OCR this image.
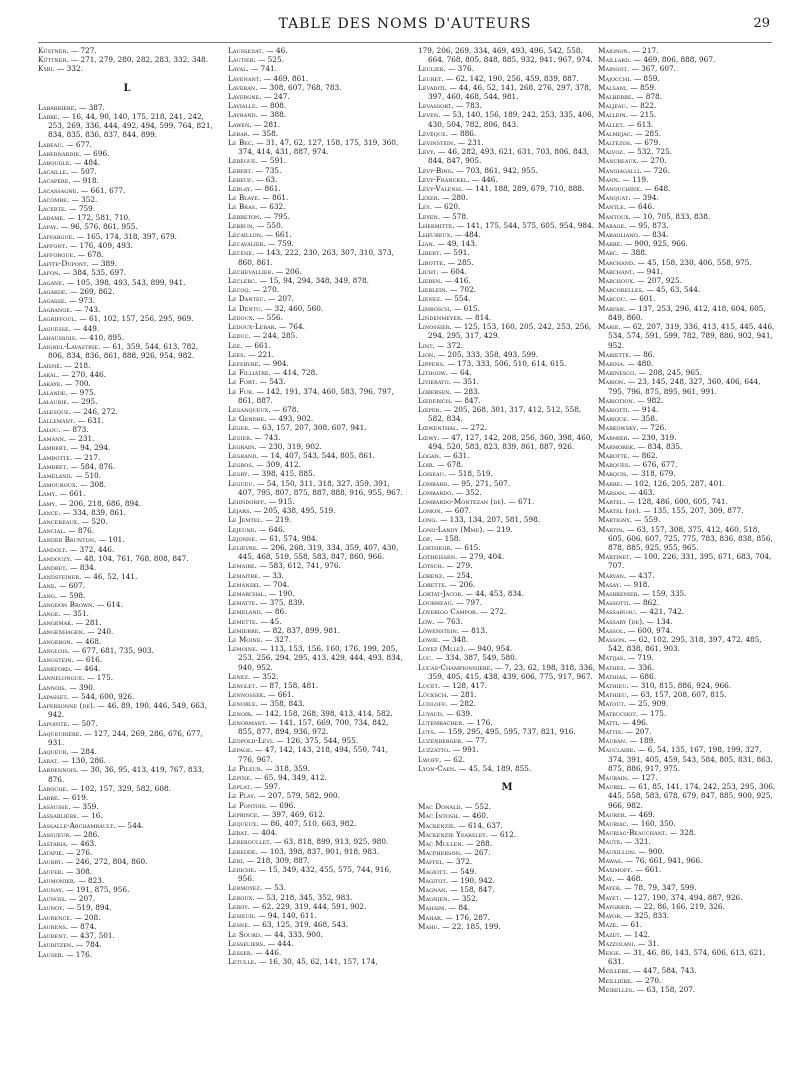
TABLE DES NOMS D'AUTEURS	29

Küstner. — 727.

Küttner. — 271, 279, 280, 282, 283, 332, 348.

Kybi. — 332.

L

Labarrière. — 387.

Labbé. — 16, 44, 90, 140, 175, 218, 241, 242, 253, 269, 336, 444, 492, 494, 599, 764, 821, 834, 835, 836, 837, 844, 899.

Labeau. — 677.

Labernardie. — 696.

Labougle. — 484.

Lacaille. — 507.

Lacapère. — 918.

Lacassagne. — 661, 677.

Lacombe. — 352.

Lacerte. — 759.

Ladame. — 172, 581, 710.

Lafay. — 96, 576, 861, 955.

Laffargue. — 165, 174, 318, 397, 679.

Laffont. — 176, 409, 493.

Lafforgue. — 678.

Lafite-Dupont. — 389.

Lafon. — 384, 535, 697.

Lagane. — 105, 398, 493, 543, 899, 941.

Lagarde. — 269, 862.

Lagasse. — 973.

Lagrange. — 743.

Lagriffoul. — 61, 102, 157, 256, 295, 969.

Laguesse. — 449.

Lahaussois. — 410, 895.

Laignel-Lavastine. — 61, 359, 544, 613, 782, 806, 834, 836, 861, 888, 926, 954, 982.

Laisné. — 218.

Lakal. — 270, 446.

Lakaye. — 700.

Lalande. — 975.

Lalaubie. — 295.

Lalesque. — 246, 272.

Lallemant. — 631.

Lalou. — 873.

Lamann. — 231.

Lambert. — 94, 294.

Lambotte. — 217.

Lambret. — 584, 876.

Lameland. — 510.

Lamouroux. — 308.

Lamy. — 661.

Lamy. — 206, 218, 686, 894.

Lance. — 334, 839, 861.

Lancereaux. — 520.

Lancial. — 876.

Lander Brunton. — 101.

Landolt. — 372, 446.

Landouzy. — 48, 104, 761, 768, 808, 847.

Landret. — 834.

Landsteiner. — 46, 52, 141.

Lane. — 607.

Lang. — 598.

Langdon Brown. — 614.

Lange. — 351.

Langemak. — 281.

Langenhagen. — 240.

Langeron. — 468.

Langlois. — 677, 681, 735, 903.

Langstein. — 616.

Lankford. — 464.

Lannelongue. — 175.

Lannois. — 390.

Lapasset. — 544, 600, 926.

Lapersonne (de). — 46, 89, 190, 446, 549, 663, 942.

Lapointe. — 507.

Laqueurière. — 127, 244, 269, 286, 676, 677, 931.

Laqueur. — 284.

Larat. — 130, 286.

Lardennois. — 30, 36, 95, 413, 419, 767, 833, 876.

Laroche. — 102, 157, 329, 582, 608.

Larré. — 619.

Lasausse. — 359.

Lassablière. — 16.

Lassalle-Archambault. — 544.

Lassueur. — 286.

Lastaria. — 463.

Latapie. — 276.

Laubry. — 246, 272, 804, 860.

Laufer. — 308.

Laumonier. — 823.

Launay. — 191, 875, 956.

Launois. — 207.

Launoy. — 519, 894.

Laurence. — 208.

Laurens. — 874.

Laurent. — 437, 501.

Lauritzen. — 784.

Lauser. — 176.

Laussedat. — 46.

Lautier. — 525.

Laval. — 741.

Lavenant. — 469, 861.

Laveran. — 308, 607, 768, 783.

Lavergne. — 247.

Lavialle. — 808.

Lavrand. — 388.

Lawen. — 281.

Lebar. — 358.

Le Bec. — 31, 47, 62, 127, 158, 175, 319, 360, 374, 414, 431, 887, 974.

Lebègue. — 591.

Lebert. — 735.

Lebeuf. — 63.

Leblay. — 861.

Le Blaye. — 861.

Le Bras. — 632.

Lebreton. — 795.

Lebrun. — 550.

Lécaillon. — 661.

Lecavalier. — 759.

Lecène. — 143, 222, 230, 263, 307, 310, 373, 860, 861.

Lechevallier. — 206.

Leclerc. — 15, 94, 294, 348, 349, 878.

Lecoq. — 270.

Le Dantec. — 207.

Le Dentu. — 32, 460, 560.

Ledoux. — 556.

Ledoux-Lebar. — 764.

Leduc. — 244, 285.

Lee. — 661.

Lees. — 221.

Lefebvre. — 904.

Le Filliatre. — 414, 728.

Le Fort. — 543.

Le Fur. — 142, 191, 374, 460, 583, 796, 797, 861, 887.

Leganqueux. — 678.

Le Gendre. — 493, 902.

Léger. — 63, 157, 207, 308, 607, 941.

Légier. — 743.

Legrain. — 230, 319, 902.

Legrand. — 14, 407, 543, 544, 805, 861.

Legros. — 309, 412.

Legry. — 398, 415, 885.

Legueu. — 54, 150, 311, 318, 327, 359, 391, 407, 795, 807, 875, 887, 888, 916, 955, 967.

Lehndorff. — 915.

Lejars. — 205, 438, 495, 519.

Le Jemtel. — 219.

Lejeune. — 646.

Lejonne. — 61, 574, 984.

Lelièvre. — 206, 268, 319, 334, 359, 407, 430, 445, 468, 519, 558, 583, 847, 860, 966.

Lemaire. — 583, 612, 741, 976.

Lemaitre. — 33.

Lemanski. — 704.

Lemarchal. — 190.

Lematte. — 375, 839.

Lemeland. — 86.

Lemette. — 45.

Lemierre. — 82, 837, 899, 981.

Le Moine. — 327.

Lemoine. — 113, 153, 156, 160, 176, 199, 205, 253, 256, 294, 295, 413, 429, 444, 493, 834, 940, 952.

Lenez. — 352.

Lenglet. — 87, 158, 481.

Lennossek. — 661.

Lenoble. — 358, 843.

Lenoir. — 142, 158, 268, 398, 413, 414, 582.

Lenormant. — 141, 157, 669, 700, 734, 842, 855, 877, 894, 936, 972.

Léopold-Lévi. — 126, 375, 544, 955.

Lepage. — 47, 142, 143, 218, 494, 550, 741, 776, 967.

Le Pileur. — 318, 359.

Lépine. — 65, 94, 349, 412.

Leplat. — 597.

Le Play. — 207, 579, 582, 900.

Le Pontois. — 696.

Leprince. — 397, 469, 612.

Lequeux. — 86, 407, 510, 663, 982.

Lerat. — 404.

Lereboullet. — 63, 818, 899, 913, 925, 980.

Lereddé. — 103, 398, 837, 901, 918, 983.

Léri. — 218, 309, 887.

Leriche. — 15, 349, 432, 455, 575, 744, 916, 956.

Lermoyez. — 53.

Leroux. — 53, 218, 345, 352, 983.

Leroy. — 62, 229, 319, 444, 591, 902.

Lesieur. — 94, 140, 611.

Lesné. — 63, 125, 319, 468, 543.

Le Sourd. — 44, 333, 900.

Lesseliers. — 444.

Lesser. — 446.

Letulle. — 16, 30, 45, 62, 141, 157, 174,

179, 206, 269, 334, 469, 493, 496, 542, 558, 664, 768, 805, 848, 885, 932, 941, 967, 974.

Leulier. — 376.

Leuret. — 62, 142, 190, 256, 459, 839, 887.

Levaditi. — 44, 46, 52, 141, 268, 276, 297, 378, 397, 460, 468, 544, 981.

Levassort. — 783.

Leven. — 53, 140, 156, 189, 242, 253, 335, 406, 430, 504, 782, 806, 843.

Lévêque. — 886.

Levinstein. — 231.

Lévy. — 46, 282, 493, 621, 631, 703, 806, 843, 844, 847, 905.

Lévy-Bing. — 703, 861, 942, 955.

Lévy-Franckel. — 446.

Lévy-Valensi. — 141, 188, 289, 679, 710, 888.

Lexer. — 280.

Ley. — 620.

Leyen. — 578.

Lhermitte. — 141, 175, 544, 575, 605, 954, 984.

Lheureux. — 484.

Lian. — 49, 143.

Libert. — 591.

Libotte. — 285.

Licht. — 604.

Lieben. — 416.

Lieblein. — 702.

Liénez. — 554.

Limbosch. — 615.

Lindenmeyer. — 814.

Linossier. — 125, 153, 160, 205, 242, 253, 256, 294, 295, 317, 429.

Lint. — 372.

Lion. — 205, 333, 358, 493, 599.

Lippens. — 173, 333, 506, 510, 614, 615.

Lithgow. — 64.

Livierato. — 351.

Lobersen. — 283.

Lœderich. — 847.

Lœper. — 205, 268, 301, 317, 412, 512, 558, 582, 834.

Lœwenthal. — 272.

Lœwy. — 47, 127, 142, 208, 256, 360, 398, 460, 494, 520, 583, 823, 839, 861, 887, 926.

Logan. — 631.

Loir. — 678.

Loiseau. — 518, 519.

Lombard. — 95, 271, 507.

Lombardo. — 352.

Lombardo-Montézan (de). — 671.

Lomon. — 607.

Long. — 133, 134, 207, 581, 598.

Long-Landy (Mme). — 219.

Lop. — 158.

Lorthioir. — 615.

Lotheissen. — 279, 404.

Lotsch. — 279.

Lorenz. — 254.

Lorette. — 206.

Lortat-Jacob. — 44, 453, 834.

Lourmeau. — 797.

Loverigo Campor. — 272.

Low. — 763.

Löwenstein. — 813.

Lowie. — 348.

Loyez (Mlle). — 940, 954.

Luc. — 334, 387, 549, 580.

Lucas-Championnière. — 7, 23, 62, 198, 318, 336, 359, 405, 415, 438, 439, 606, 775, 917, 967.

Lucet. — 128, 417.

Lücksch. — 281.

Ludloff. — 282.

Luyaud. — 639.

Lutembacher. — 176.

Luys. — 159, 295, 495, 595, 737, 821, 916.

Luzenberger. — 77.

Luzzatto. — 991.

Lwoff. — 62.

Lyon-Caen. — 45, 54, 189, 855.

M

Mac Donald. — 552.

Mac Intosh. — 460.

Mackenzie. — 614, 637.

Mackenzie Yearsley. — 612.

Mac Mullen. — 288.

Macpherson. — 267.

Maffei. — 372.

Magiott. — 549.

Magitot. — 190, 942.

Magnan. — 158, 847.

Magnien. — 352.

Mahaim. — 84.

Mahar. — 176, 287.

Mahu. — 22, 185, 199.

Maignon. — 217.

Maillard. — 469, 806, 888, 967.

Maingot. — 367, 607.

Majocchi. — 859.

Malsani. — 859.

Malherbe. — 878.

Maljeau. — 822.

Mallein. — 215.

Mallet. — 613.

Malmejac. — 285.

Maltezos. — 679.

Malvoz. — 532, 725.

Mancreaux. — 270.

Mangiagalli. — 726.

Mann. — 119.

Manouchine. — 648.

Manquat. — 394.

Mantle. — 646.

Mantoux. — 10, 705, 833, 838.

Marage. — 95, 873.

Maragliano. — 834.

Marbé. — 900, 925, 966.

Marc. — 388.

Marchand. — 45, 158, 230, 406, 558, 975.

Marchant. — 941.

Marchoux. — 207, 925.

Marcorelles. — 45, 63, 544.

Marcou. — 601.

Marfan. — 137, 253, 296, 412, 418, 604, 605, 849, 860.

Marie. — 62, 207, 319, 336, 413, 415, 445, 446, 534, 574, 591, 599, 782, 789, 886, 902, 941, 952.

Mariette. — 86.

Marina. — 480.

Marinesco. — 208, 245, 965.

Marion. — 23, 145, 248, 327, 360, 406, 644, 795, 796, 875, 895, 961, 991.

Mariotion. — 982.

Mariotti. — 914.

Marique. — 358.

Markowsky. — 726.

Marmier. — 230, 319.

Marmorek. — 834, 835.

Marotte. — 862.

Marquès. — 676, 677.

Marquis. — 318, 679.

Marre. — 102, 126, 205, 287, 401.

Marsan. — 463.

Martel. — 128, 486, 600, 605, 741.

Martel (de). — 135, 155, 207, 309, 877.

Martigny. — 559.

Martin. — 63, 157, 308, 375, 412, 460, 518, 605, 606, 607, 725, 775, 783, 836, 838, 856, 878, 885, 925, 955, 965.

Martinet. — 100, 226, 331, 395, 671, 683, 704, 707.

Marvan. — 437.

Masay. — 918.

Masbrenier. — 159, 335.

Massotti. — 862.

Massabuau. — 421, 742.

Massary (de). — 134.

Massol. — 600, 974.

Masson. — 62, 102, 295, 318, 397, 472, 485, 542, 838, 861, 903.

Matijas. — 719.

Mathes. — 336.

Mathias. — 686.

Mathieu. — 310, 815, 886, 924, 966.

Mathieu. — 63, 157, 208, 607, 815.

Matout. — 25, 909.

Matruchot. — 175.

Matti. — 496.

Mattis. — 207.

Mauban. — 189.

Mauclaire. — 6, 54, 135, 167, 198, 199, 327, 374, 391, 405, 459, 543, 584, 805, 831, 863, 875, 886, 917, 975.

Maurain. — 127.

Maurel. — 61, 85, 141, 174, 242, 253, 295, 306, 445, 558, 583, 678, 679, 847, 885, 900, 925, 966, 982.

Maurer. — 469.

Mauriac. — 160, 350.

Mauriac-Beauchant. — 328.

Mauté. — 321.

Mauxillon. — 900.

Mawas. — 76, 661, 941, 966.

Maximoff. — 661.

May. — 468.

Mayer. — 78, 79, 347, 599.

Mayet. — 127, 190, 374, 494, 887, 926.

Maygrier. — 22, 86, 166, 219, 326.

Mayor. — 325, 833.

Mazé. — 61.

Mazet. — 142.

Mazzolani. — 31.

Meige. — 31, 46, 86, 143, 574, 606, 613, 621, 631.

Meillère. — 447, 584, 743.

Meillière. — 270.

Meirelles. — 63, 158, 207.
